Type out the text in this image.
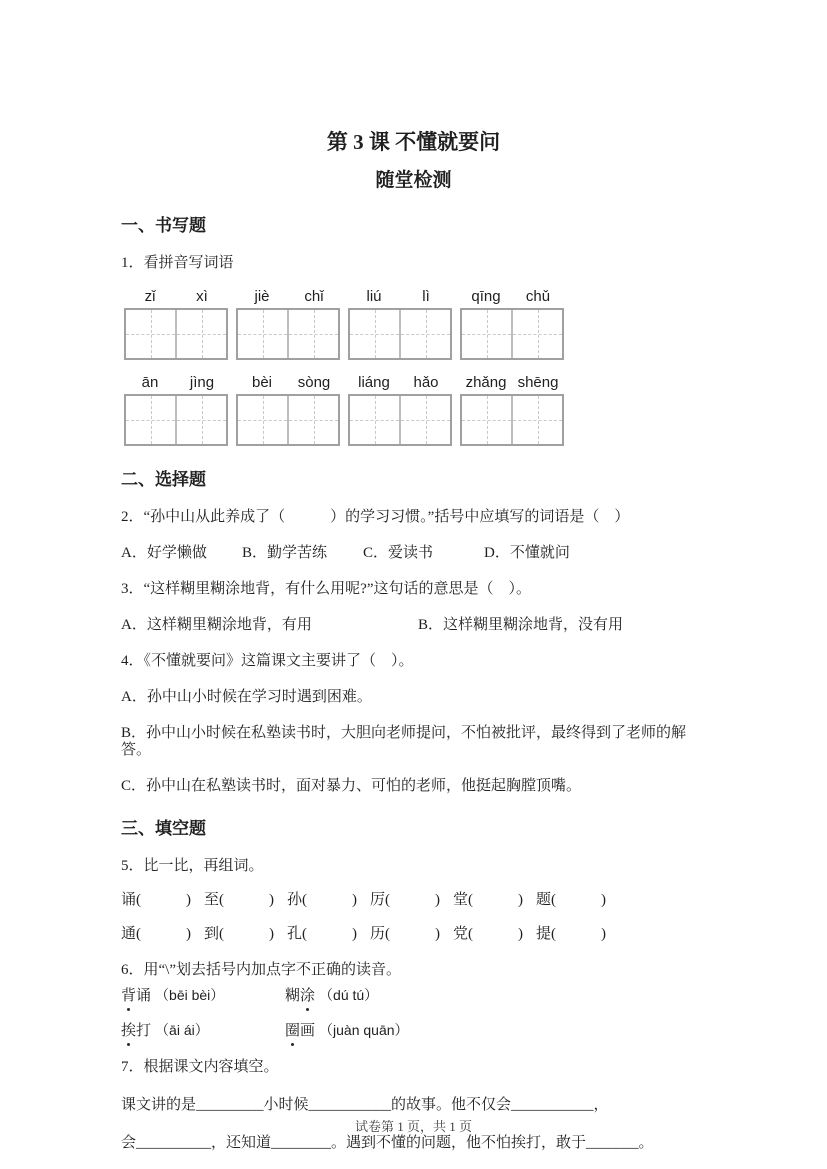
第 3 课 不懂就要问
随堂检测
一、书写题

1．看拼音写词语

zǐ	xì	jiè	chǐ	liú	lì	qīng	chǔ
ān	jìng	bèi	sòng	liáng	hǎo	zhǎng shēng
二、选择题

2．“孙中山从此养成了（　　　）的学习习惯。”括号中应填写的词语是（　）

A．好学懒做	B．勤学苦练	C．爱读书	D．不懂就问

3．“这样糊里糊涂地背，有什么用呢?”这句话的意思是（　）。

A．这样糊里糊涂地背，有用	B．这样糊里糊涂地背，没有用

4．《不懂就要问》这篇课文主要讲了（　）。

A．孙中山小时候在学习时遇到困难。

B．孙中山小时候在私塾读书时，大胆向老师提问，不怕被批评，最终得到了老师的解答。

C．孙中山在私塾读书时，面对暴力、可怕的老师，他挺起胸膛顶嘴。

三、填空题

5．比一比，再组词。

诵(　　　) 至(　　　) 孙(　　　) 厉(　　　) 堂(　　　) 题(　　　)
通(　　　) 到(　　　) 孔(　　　) 历(　　　) 党(　　　) 提(　　　)

6．用“\”划去括号内加点字不正确的读音。

背诵 （bēi bèi）	糊涂 （dú tú）
挨打 （āi ái）	圈画 （juàn quān）

7．根据课文内容填空。

课文讲的是_________小时候___________的故事。他不仅会___________，

会__________，还知道________。遇到不懂的问题，他不怕挨打，敢于_______。

试卷第 1 页，共 1 页
